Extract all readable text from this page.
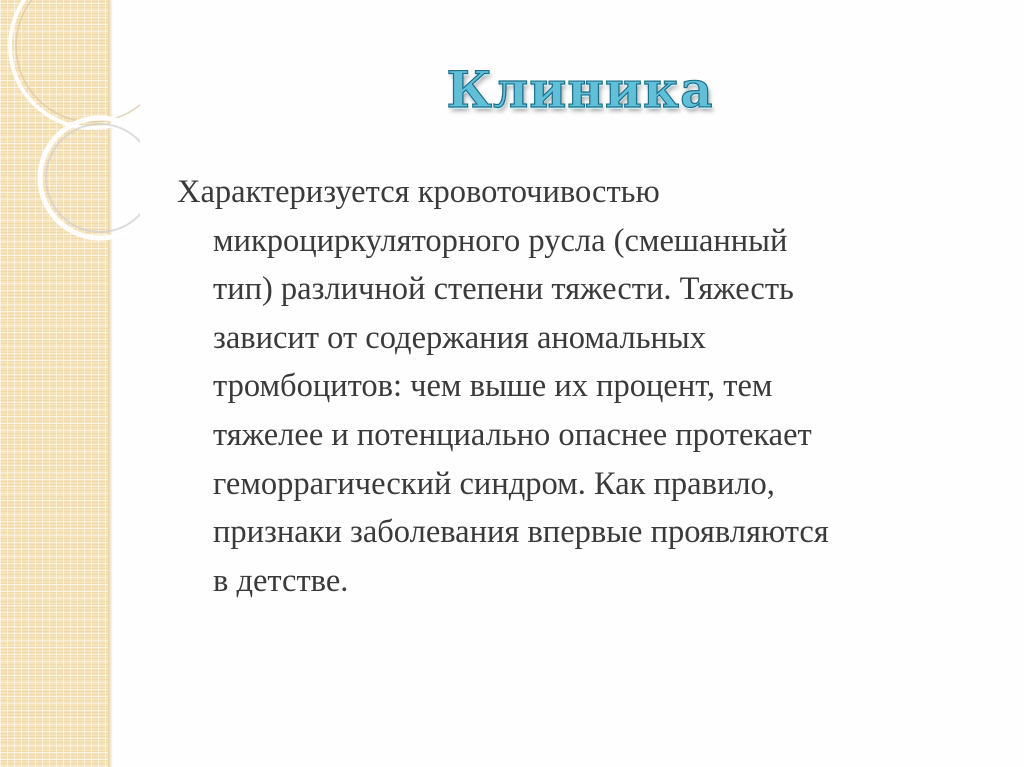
Клиника

Характеризуется кровоточивостью
микроциркуляторного русла (смешанный
тип) различной степени тяжести. Тяжесть
зависит от содержания аномальных
тромбоцитов: чем выше их процент, тем
тяжелее и потенциально опаснее протекает
геморрагический синдром. Как правило,
признаки заболевания впервые проявляются
в детстве.
